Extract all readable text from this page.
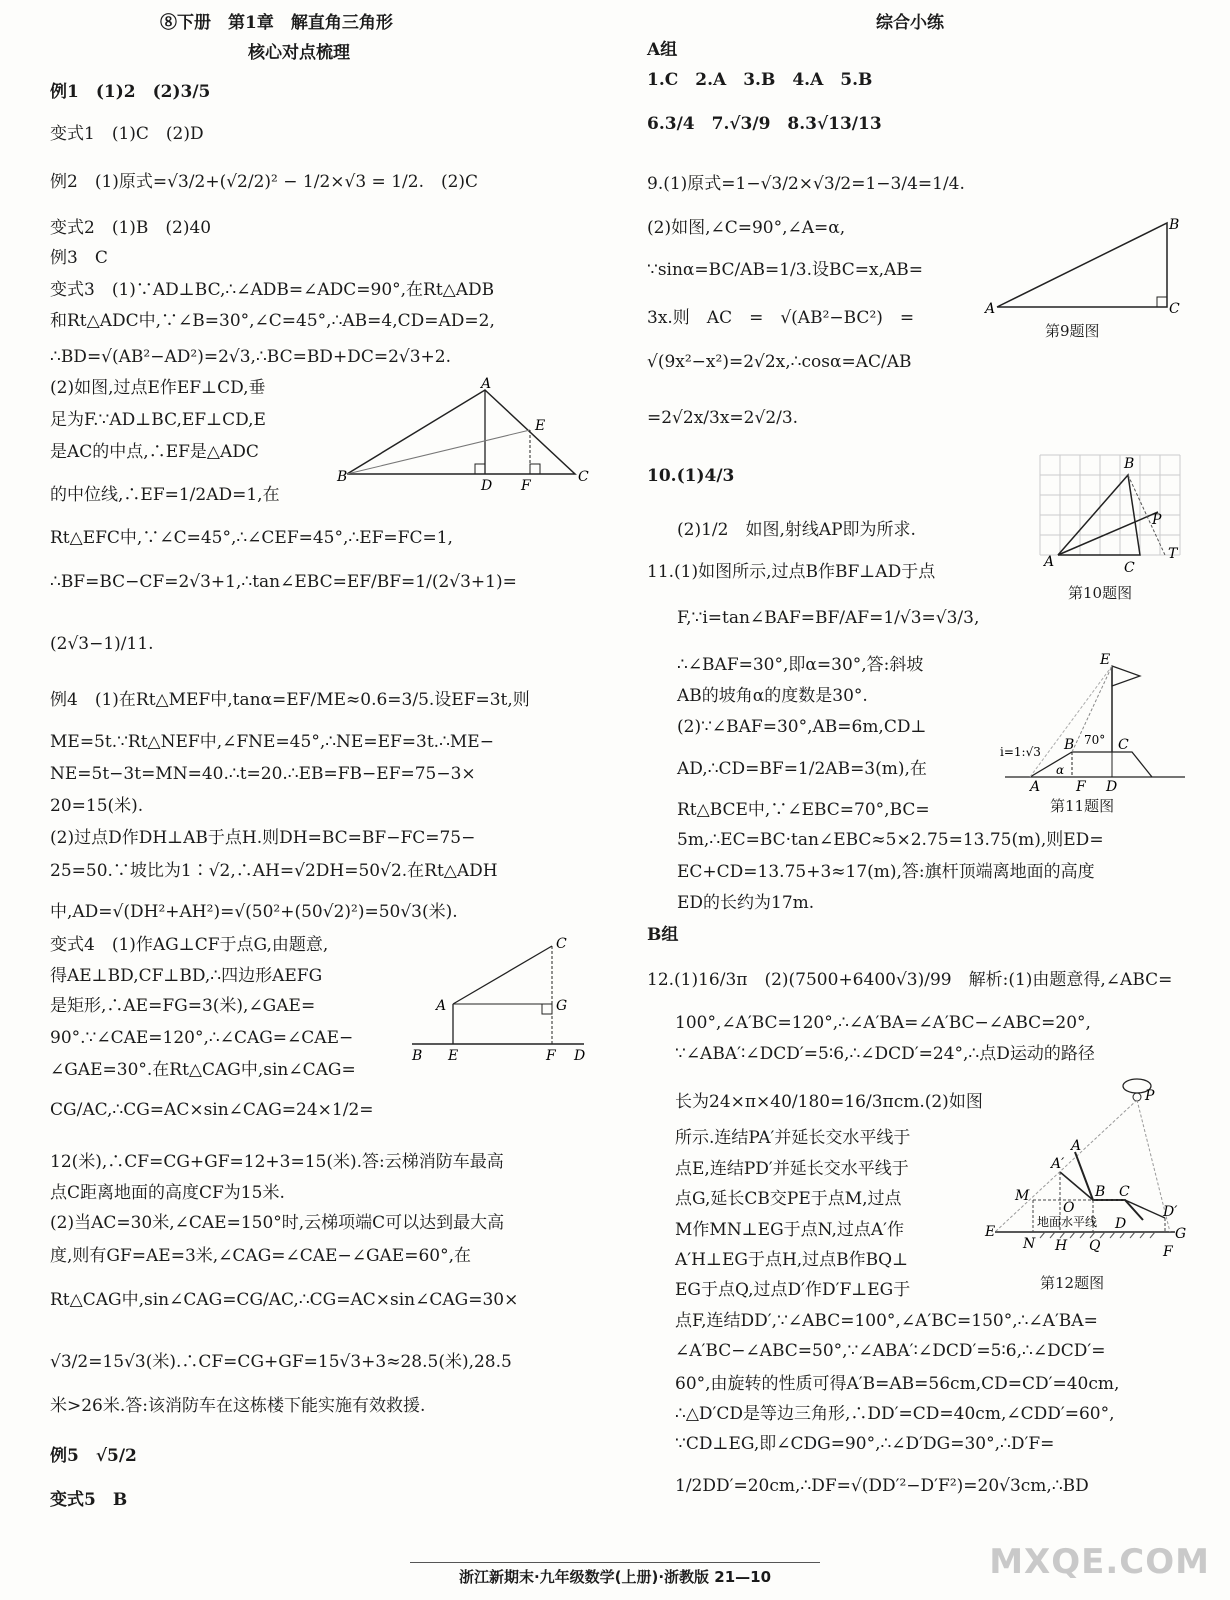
⑧下册　第1章　解直角三角形
核心对点梳理
综合小练
例1　(1)2　(2)3/5
变式1　(1)C　(2)D
例2　(1)原式=√3/2+(√2/2)² − 1/2×√3 = 1/2.　(2)C
变式2　(1)B　(2)40
例3　C
变式3　(1)∵AD⊥BC,∴∠ADB=∠ADC=90°,在Rt△ADB
和Rt△ADC中,∵∠B=30°,∠C=45°,∴AB=4,CD=AD=2,
∴BD=√(AB²−AD²)=2√3,∴BC=BD+DC=2√3+2.
(2)如图,过点E作EF⊥CD,垂
足为F.∵AD⊥BC,EF⊥CD,E
是AC的中点,∴EF是△ADC
的中位线,∴EF=1/2AD=1,在
Rt△EFC中,∵∠C=45°,∴∠CEF=45°,∴EF=FC=1,
∴BF=BC−CF=2√3+1,∴tan∠EBC=EF/BF=1/(2√3+1)=
(2√3−1)/11.
例4　(1)在Rt△MEF中,tanα=EF/ME≈0.6=3/5.设EF=3t,则
ME=5t.∵Rt△NEF中,∠FNE=45°,∴NE=EF=3t.∴ME−
NE=5t−3t=MN=40.∴t=20.∴EB=FB−EF=75−3×
20=15(米).
(2)过点D作DH⊥AB于点H.则DH=BC=BF−FC=75−
25=50.∵坡比为1∶√2,∴AH=√2DH=50√2.在Rt△ADH
中,AD=√(DH²+AH²)=√(50²+(50√2)²)=50√3(米).
变式4　(1)作AG⊥CF于点G,由题意,
得AE⊥BD,CF⊥BD,∴四边形AEFG
是矩形,∴AE=FG=3(米),∠GAE=
90°.∵∠CAE=120°,∴∠CAG=∠CAE−
∠GAE=30°.在Rt△CAG中,sin∠CAG=
CG/AC,∴CG=AC×sin∠CAG=24×1/2=
12(米),∴CF=CG+GF=12+3=15(米).答:云梯消防车最高
点C距离地面的高度CF为15米.
(2)当AC=30米,∠CAE=150°时,云梯项端C可以达到最大高
度,则有GF=AE=3米,∠CAG=∠CAE−∠GAE=60°,在
Rt△CAG中,sin∠CAG=CG/AC,∴CG=AC×sin∠CAG=30×
√3/2=15√3(米).∴CF=CG+GF=15√3+3≈28.5(米),28.5
米>26米.答:该消防车在这栋楼下能实施有效救援.
例5　√5/2
变式5　B
A组
1.C　2.A　3.B　4.A　5.B
6.3/4　7.√3/9　8.3√13/13
9.(1)原式=1−√3/2×√3/2=1−3/4=1/4.
(2)如图,∠C=90°,∠A=α,
∵sinα=BC/AB=1/3.设BC=x,AB=
3x.则　AC　=　√(AB²−BC²)　=
√(9x²−x²)=2√2x,∴cosα=AC/AB
=2√2x/3x=2√2/3.
10.(1)4/3
(2)1/2　如图,射线AP即为所求.
11.(1)如图所示,过点B作BF⊥AD于点
F,∵i=tan∠BAF=BF/AF=1/√3=√3/3,
∴∠BAF=30°,即α=30°,答:斜坡
AB的坡角α的度数是30°.
(2)∵∠BAF=30°,AB=6m,CD⊥
AD,∴CD=BF=1/2AB=3(m),在
Rt△BCE中,∵∠EBC=70°,BC=
5m,∴EC=BC·tan∠EBC≈5×2.75=13.75(m),则ED=
EC+CD=13.75+3≈17(m),答:旗杆顶端离地面的高度
ED的长约为17m.
B组
12.(1)16/3π　(2)(7500+6400√3)/99　解析:(1)由题意得,∠ABC=
100°,∠A′BC=120°,∴∠A′BA=∠A′BC−∠ABC=20°,
∵∠ABA′∶∠DCD′=5∶6,∴∠DCD′=24°,∴点D运动的路径
长为24×π×40/180=16/3πcm.(2)如图
所示.连结PA′并延长交水平线于
点E,连结PD′并延长交水平线于
点G,延长CB交PE于点M,过点
M作MN⊥EG于点N,过点A′作
A′H⊥EG于点H,过点B作BQ⊥
EG于点Q,过点D′作D′F⊥EG于
点F,连结DD′,∵∠ABC=100°,∠A′BC=150°,∴∠A′BA=
∠A′BC−∠ABC=50°,∵∠ABA′∶∠DCD′=5∶6,∴∠DCD′=
60°,由旋转的性质可得A′B=AB=56cm,CD=CD′=40cm,
∴△D′CD是等边三角形,∴DD′=CD=40cm,∠CDD′=60°,
∵CD⊥EG,即∠CDG=90°,∴∠D′DG=30°,∴D′F=
1/2DD′=20cm,∴DF=√(DD′²−D′F²)=20√3cm,∴BD
B
A
E
D F
C
A
C
G
B E	F D
A
B
C
第9题图
A
B
C
P
T
第10题图
E
B	C
A	F D
α
i=1:√3
70°
第11题图
P
A
A′
M
O
B C
D
D′
E
N H Q	F
G
地面水平线
第12题图
浙江新期末·九年级数学(上册)·浙教版 21—10	MXQE.COM
